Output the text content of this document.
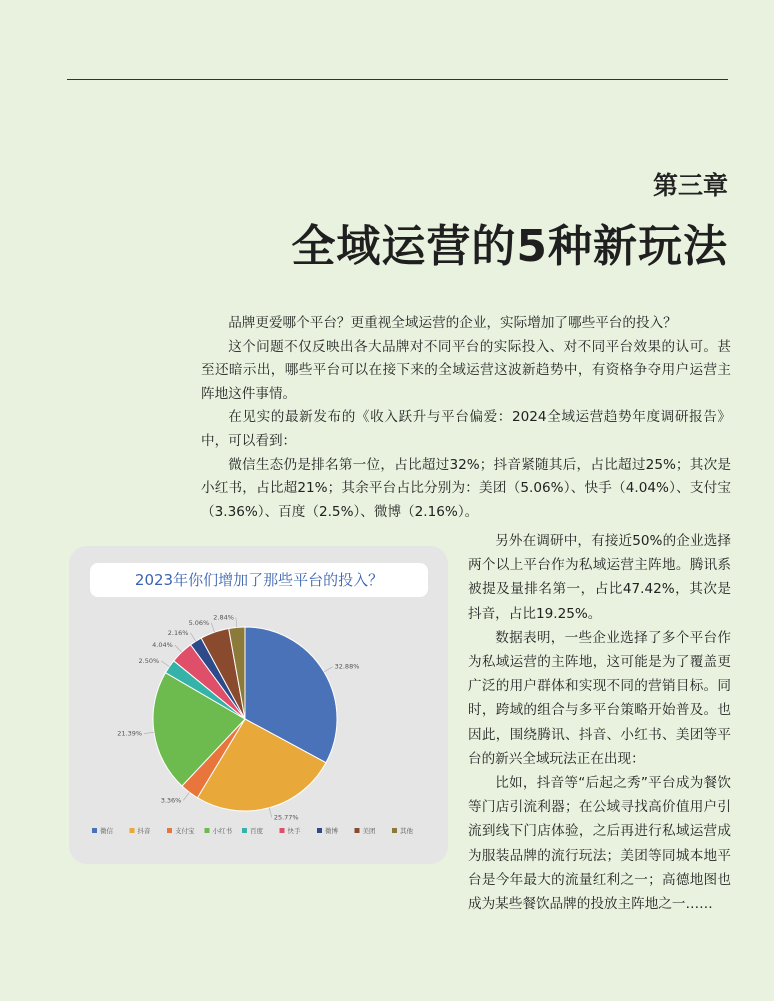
第三章
全域运营的5种新玩法

品牌更爱哪个平台？更重视全域运营的企业，实际增加了哪些平台的投入？

这个问题不仅反映出各大品牌对不同平台的实际投入、对不同平台效果的认可。甚至还暗示出，哪些平台可以在接下来的全域运营这波新趋势中，有资格争夺用户运营主阵地这件事情。

在见实的最新发布的《收入跃升与平台偏爱：2024全域运营趋势年度调研报告》中，可以看到：

微信生态仍是排名第一位，占比超过32%；抖音紧随其后，占比超过25%；其次是小红书，占比超21%；其余平台占比分别为：美团（5.06%）、快手（4.04%）、支付宝（3.36%）、百度（2.5%）、微博（2.16%）。

2023年你们增加了那些平台的投入？
32.88%
25.77%
3.36%
21.39%
2.50%
4.04%
2.16%
5.06%
2.84%
微信	抖音	支付宝	小红书	百度	快手	微博	美团	其他

另外在调研中，有接近50%的企业选择两个以上平台作为私域运营主阵地。腾讯系被提及量排名第一，占比47.42%，其次是抖音，占比19.25%。

数据表明，一些企业选择了多个平台作为私域运营的主阵地，这可能是为了覆盖更广泛的用户群体和实现不同的营销目标。同时，跨域的组合与多平台策略开始普及。也因此，围绕腾讯、抖音、小红书、美团等平台的新兴全域玩法正在出现：

比如，抖音等“后起之秀”平台成为餐饮等门店引流利器；在公域寻找高价值用户引流到线下门店体验，之后再进行私域运营成为服装品牌的流行玩法；美团等同城本地平台是今年最大的流量红利之一；高德地图也成为某些餐饮品牌的投放主阵地之一……
